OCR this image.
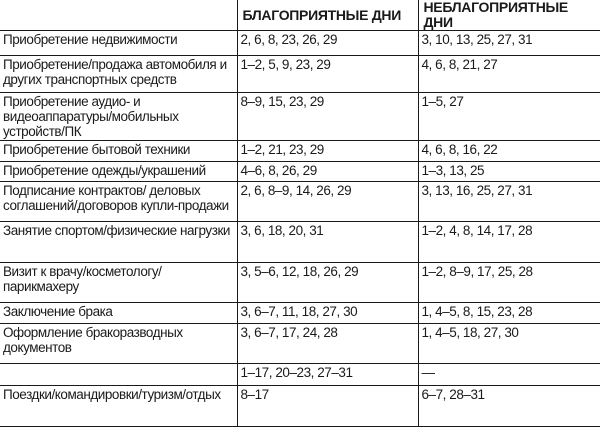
	БЛАГОПРИЯТНЫЕ ДНИ	НЕБЛАГОПРИЯТНЫЕ ДНИ
Приобретение недвижимости	2, 6, 8, 23, 26, 29	3, 10, 13, 25, 27, 31
Приобретение/продажа автомобиля и других транспортных средств	1–2, 5, 9, 23, 29	4, 6, 8, 21, 27
Приобретение аудио- и видеоаппаратуры/мобильных устройств/ПК	8–9, 15, 23, 29	1–5, 27
Приобретение бытовой техники	1–2, 21, 23, 29	4, 6, 8, 16, 22
Приобретение одежды/украшений	4–6, 8, 26, 29	1–3, 13, 25
Подписание контрактов/ деловых соглашений/договоров купли-продажи	2, 6, 8–9, 14, 26, 29	3, 13, 16, 25, 27, 31
Занятие спортом/физические нагрузки	3, 6, 18, 20, 31	1–2, 4, 8, 14, 17, 28
Визит к врачу/косметологу/ парикмахеру	3, 5–6, 12, 18, 26, 29	1–2, 8–9, 17, 25, 28
Заключение брака	3, 6–7, 11, 18, 27, 30	1, 4–5, 8, 15, 23, 28
Оформление бракоразводных документов	3, 6–7, 17, 24, 28	1, 4–5, 18, 27, 30
	1–17, 20–23, 27–31	—
Поездки/командировки/туризм/отдых	8–17	6–7, 28–31
